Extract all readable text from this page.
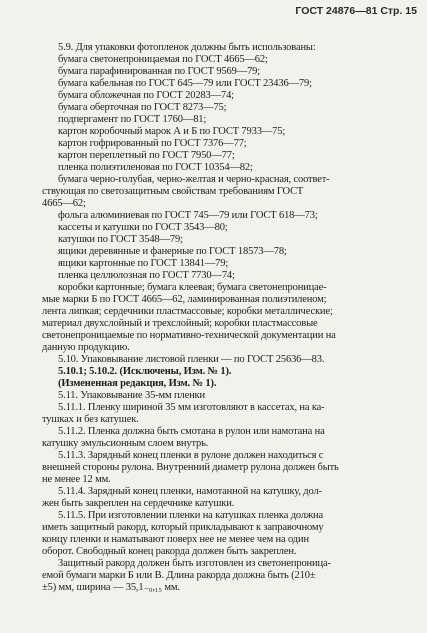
ГОСТ 24876—81 Стр. 15
5.9. Для упаковки фотопленок должны быть использованы:
бумага светонепроницаемая по ГОСТ 4665—62;
бумага парафинированная по ГОСТ 9569—79;
бумага кабельная по ГОСТ 645—79 или ГОСТ 23436—79;
бумага обложечная по ГОСТ 20283—74;
бумага оберточная по ГОСТ 8273—75;
подпергамент по ГОСТ 1760—81;
картон коробочный марок А и Б по ГОСТ 7933—75;
картон гофрированный по ГОСТ 7376—77;
картон переплетный по ГОСТ 7950—77;
пленка полиэтиленовая по ГОСТ 10354—82;
бумага черно-голубая, черно-желтая и черно-красная, соответ-
ствующая по светозащитным свойствам требованиям ГОСТ
4665—62;
фольга алюминиевая по ГОСТ 745—79 или ГОСТ 618—73;
кассеты и катушки по ГОСТ 3543—80;
катушки по ГОСТ 3548—79;
ящики деревянные и фанерные по ГОСТ 18573—78;
ящики картонные по ГОСТ 13841—79;
пленка целлюлозная по ГОСТ 7730—74;
коробки картонные; бумага клеевая; бумага светонепроницае-
мые марки Б по ГОСТ 4665—62, ламинированная полиэтиленом;
лента липкая; сердечники пластмассовые; коробки металлические;
материал двухслойный и трехслойный; коробки пластмассовые
светонепроницаемые по нормативно-технической документации на
данную продукцию.
5.10. Упаковывание листовой пленки — по ГОСТ 25636—83.
5.10.1; 5.10.2. (Исключены, Изм. № 1).
(Измененная редакция, Изм. № 1).
5.11. Упаковывание 35-мм пленки
5.11.1. Пленку шириной 35 мм изготовляют в кассетах, на ка-
тушках и без катушек.
5.11.2. Пленка должна быть смотана в рулон или намотана на
катушку эмульсионным слоем внутрь.
5.11.3. Зарядный конец пленки в рулоне должен находиться с
внешней стороны рулона. Внутренний диаметр рулона должен быть
не менее 12 мм.
5.11.4. Зарядный конец пленки, намотанной на катушку, дол-
жен быть закреплен на сердечнике катушки.
5.11.5. При изготовлении пленки на катушках пленка должна
иметь защитный ракорд, который прикладывают к заправочному
концу пленки и наматывают поверх нее не менее чем на один
оборот. Свободный конец ракорда должен быть закреплен.
Защитный ракорд должен быть изготовлен из светонепроница-
емой бумаги марки Б или В. Длина ракорда должна быть (210±
±5) мм, ширина — 35,1₋₀,₁₅ мм.
